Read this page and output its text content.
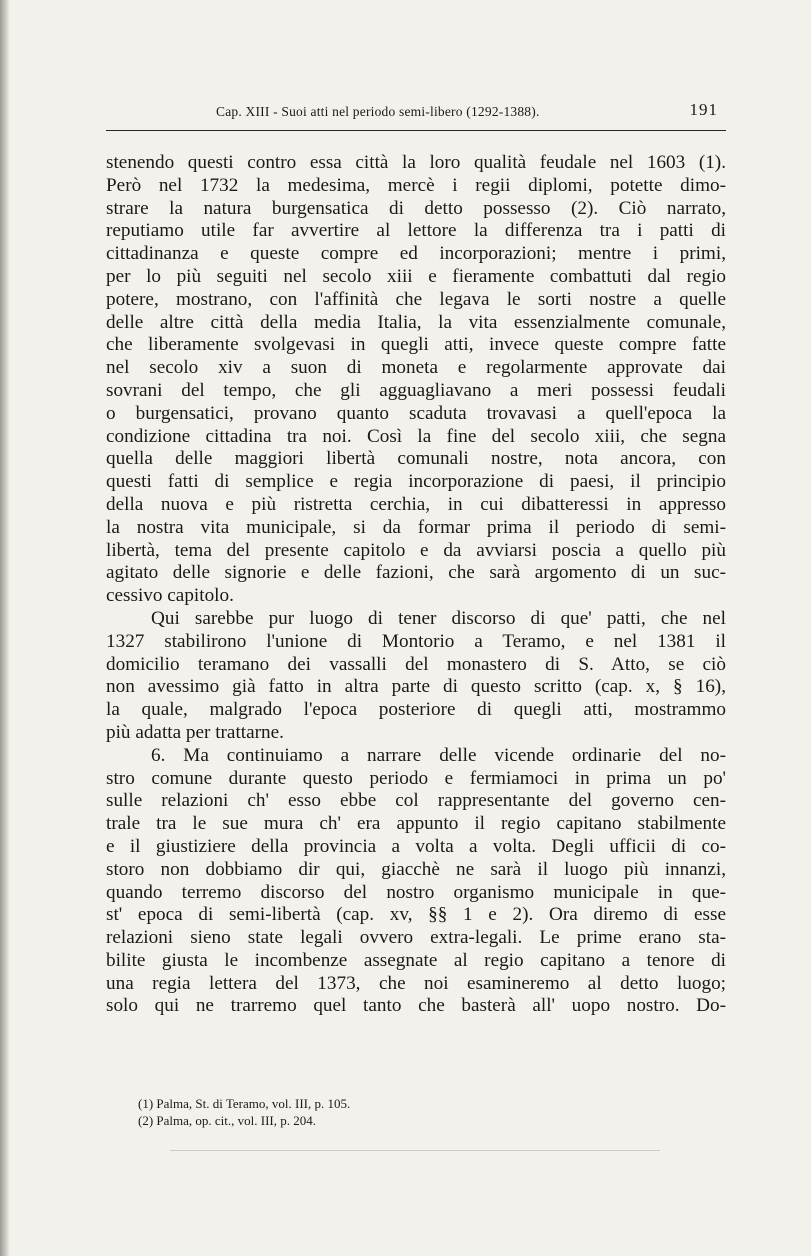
Cap. XIII - Suoi atti nel periodo semi-libero (1292-1388).	191
stenendo questi contro essa città la loro qualità feudale nel 1603 (1).
Però nel 1732 la medesima, mercè i regii diplomi, potette dimo-
strare la natura burgensatica di detto possesso (2). Ciò narrato,
reputiamo utile far avvertire al lettore la differenza tra i patti di
cittadinanza e queste compre ed incorporazioni; mentre i primi,
per lo più seguiti nel secolo xiii e fieramente combattuti dal regio
potere, mostrano, con l'affinità che legava le sorti nostre a quelle
delle altre città della media Italia, la vita essenzialmente comunale,
che liberamente svolgevasi in quegli atti, invece queste compre fatte
nel secolo xiv a suon di moneta e regolarmente approvate dai
sovrani del tempo, che gli agguagliavano a meri possessi feudali
o burgensatici, provano quanto scaduta trovavasi a quell'epoca la
condizione cittadina tra noi. Così la fine del secolo xiii, che segna
quella delle maggiori libertà comunali nostre, nota ancora, con
questi fatti di semplice e regia incorporazione di paesi, il principio
della nuova e più ristretta cerchia, in cui dibatteressi in appresso
la nostra vita municipale, si da formar prima il periodo di semi-
libertà, tema del presente capitolo e da avviarsi poscia a quello più
agitato delle signorie e delle fazioni, che sarà argomento di un suc-
cessivo capitolo.
Qui sarebbe pur luogo di tener discorso di que' patti, che nel
1327 stabilirono l'unione di Montorio a Teramo, e nel 1381 il
domicilio teramano dei vassalli del monastero di S. Atto, se ciò
non avessimo già fatto in altra parte di questo scritto (cap. x, § 16),
la quale, malgrado l'epoca posteriore di quegli atti, mostrammo
più adatta per trattarne.
6. Ma continuiamo a narrare delle vicende ordinarie del no-
stro comune durante questo periodo e fermiamoci in prima un po'
sulle relazioni ch' esso ebbe col rappresentante del governo cen-
trale tra le sue mura ch' era appunto il regio capitano stabilmente
e il giustiziere della provincia a volta a volta. Degli ufficii di co-
storo non dobbiamo dir qui, giacchè ne sarà il luogo più innanzi,
quando terremo discorso del nostro organismo municipale in que-
st' epoca di semi-libertà (cap. xv, §§ 1 e 2). Ora diremo di esse
relazioni sieno state legali ovvero extra-legali. Le prime erano sta-
bilite giusta le incombenze assegnate al regio capitano a tenore di
una regia lettera del 1373, che noi esamineremo al detto luogo;
solo qui ne trarremo quel tanto che basterà all' uopo nostro. Do-
(1) Palma, St. di Teramo, vol. III, p. 105.
(2) Palma, op. cit., vol. III, p. 204.
